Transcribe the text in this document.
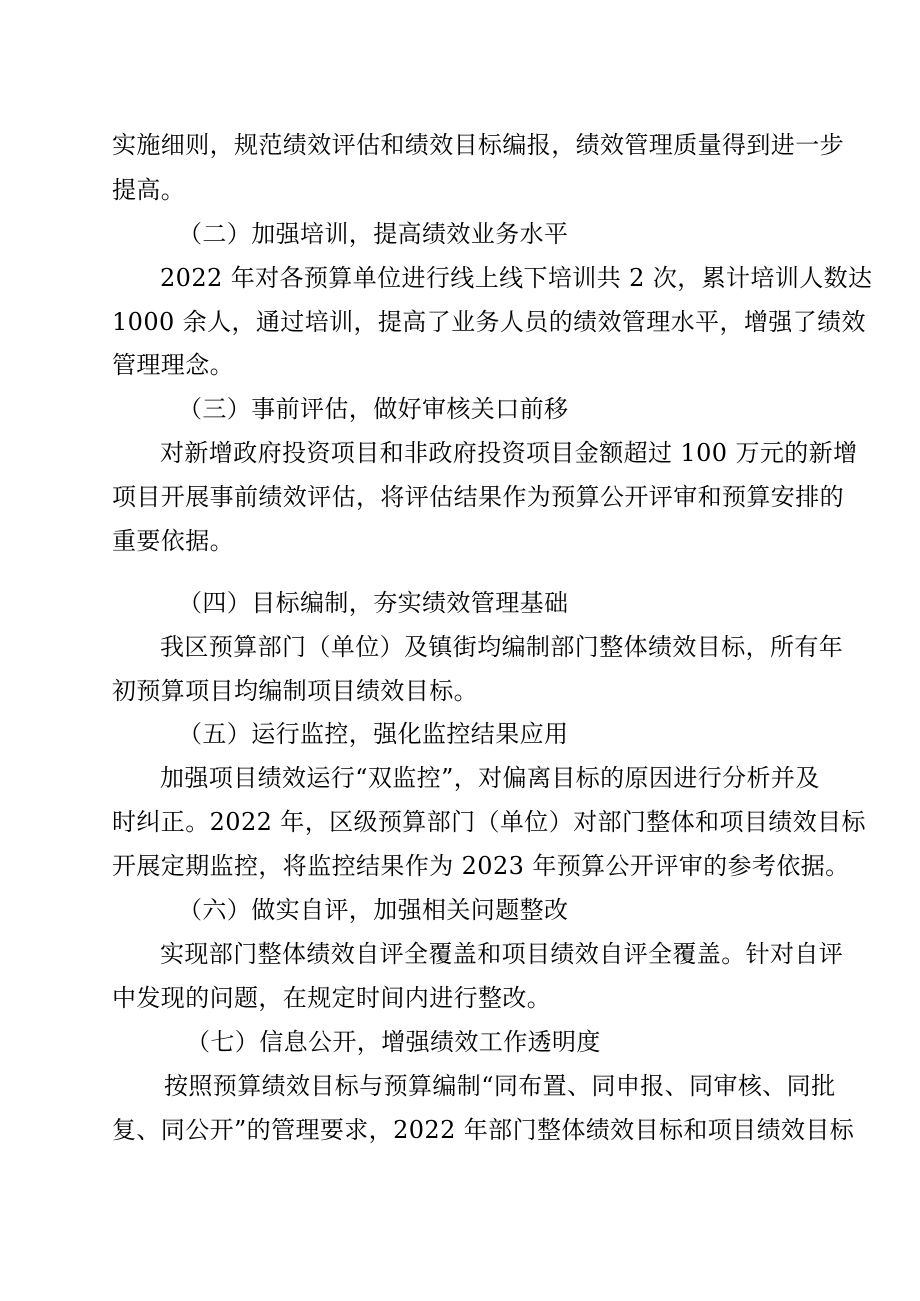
实施细则，规范绩效评估和绩效目标编报，绩效管理质量得到进一步
提高。
（二）加强培训，提高绩效业务水平
2022 年对各预算单位进行线上线下培训共 2 次，累计培训人数达
1000 余人，通过培训，提高了业务人员的绩效管理水平，增强了绩效
管理理念。
（三）事前评估，做好审核关口前移
对新增政府投资项目和非政府投资项目金额超过 100 万元的新增
项目开展事前绩效评估，将评估结果作为预算公开评审和预算安排的
重要依据。
（四）目标编制，夯实绩效管理基础
我区预算部门（单位）及镇街均编制部门整体绩效目标，所有年
初预算项目均编制项目绩效目标。
（五）运行监控，强化监控结果应用
加强项目绩效运行“双监控”，对偏离目标的原因进行分析并及
时纠正。2022 年，区级预算部门（单位）对部门整体和项目绩效目标
开展定期监控，将监控结果作为 2023 年预算公开评审的参考依据。
（六）做实自评，加强相关问题整改
实现部门整体绩效自评全覆盖和项目绩效自评全覆盖。针对自评
中发现的问题，在规定时间内进行整改。
（七）信息公开，增强绩效工作透明度
按照预算绩效目标与预算编制“同布置、同申报、同审核、同批
复、同公开”的管理要求，2022 年部门整体绩效目标和项目绩效目标
